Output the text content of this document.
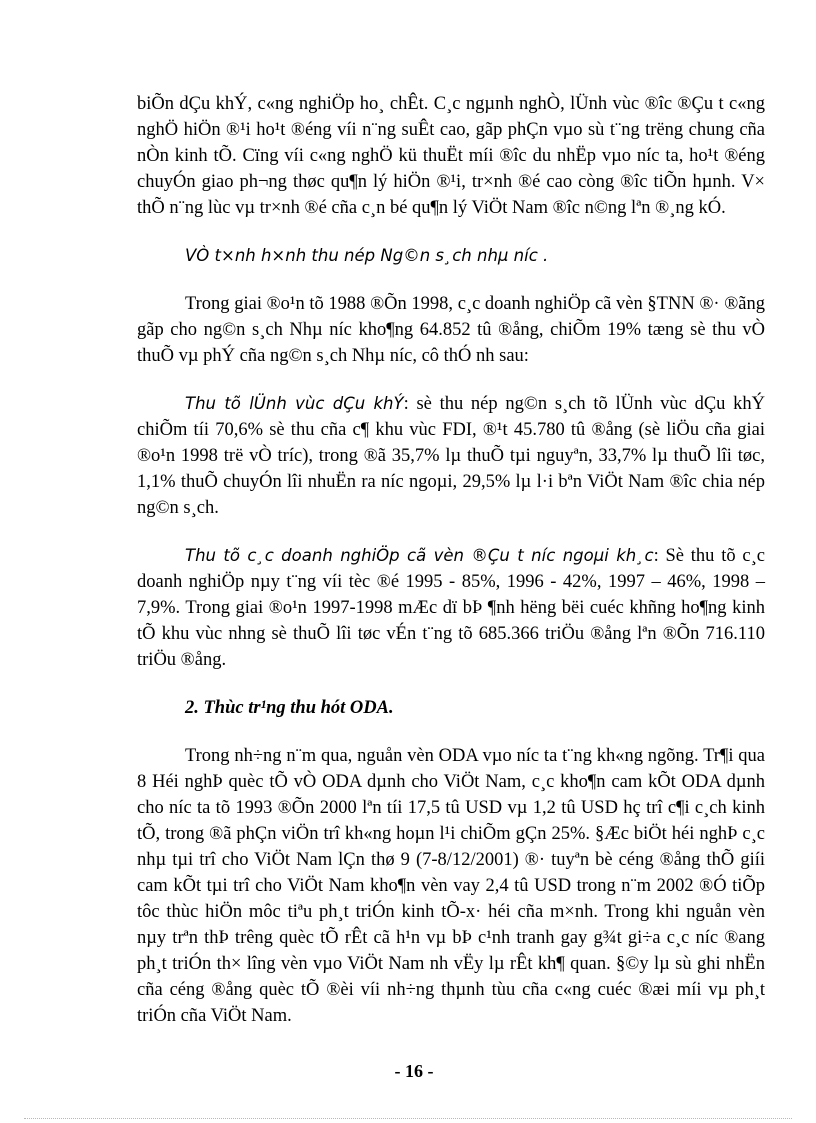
biÕn dÇu khÝ, c«ng nghiÖp ho¸ chÊt. C¸c ngµnh nghÒ, lÜnh vùc ®îc ®Çu t c«ng nghÖ hiÖn ®¹i ho¹t ®éng víi n¨ng suÊt cao, gãp phÇn vµo sù t¨ng trëng chung cña nÒn kinh tÕ. Cïng víi c«ng nghÖ kü thuËt míi ®îc du nhËp vµo níc ta, ho¹t ®éng chuyÓn giao ph¬ng thøc qu¶n lý hiÖn ®¹i, tr×nh ®é cao còng ®îc tiÕn hµnh. V× thÕ n¨ng lùc vµ tr×nh ®é cña c¸n bé qu¶n lý ViÖt Nam ®îc n©ng lªn ®¸ng kÓ.

VÒ t×nh h×nh thu nép Ng©n s¸ch nhµ níc .

Trong giai ®o¹n tõ 1988 ®Õn 1998, c¸c doanh nghiÖp cã vèn §TNN ®· ®ãng gãp cho ng©n s¸ch Nhµ níc kho¶ng 64.852 tû ®ång, chiÕm 19% tæng sè thu vÒ thuÕ vµ phÝ cña ng©n s¸ch Nhµ níc, cô thÓ nh sau:

Thu tõ lÜnh vùc dÇu khÝ: sè thu nép ng©n s¸ch tõ lÜnh vùc dÇu khÝ chiÕm tíi 70,6% sè thu cña c¶ khu vùc FDI, ®¹t 45.780 tû ®ång (sè liÖu cña giai ®o¹n 1998 trë vÒ tríc), trong ®ã 35,7% lµ thuÕ tµi nguyªn, 33,7% lµ thuÕ lîi tøc, 1,1% thuÕ chuyÓn lîi nhuËn ra níc ngoµi, 29,5% lµ l·i bªn ViÖt Nam ®îc chia nép ng©n s¸ch.

Thu tõ c¸c doanh nghiÖp cã vèn ®Çu t níc ngoµi kh¸c: Sè thu tõ c¸c doanh nghiÖp nµy t¨ng víi tèc ®é 1995 - 85%, 1996 - 42%, 1997 – 46%, 1998 – 7,9%. Trong giai ®o¹n 1997-1998 mÆc dï bÞ ¶nh hëng bëi cuéc khñng ho¶ng kinh tÕ khu vùc nhng sè thuÕ lîi tøc vÉn t¨ng tõ 685.366 triÖu ®ång lªn ®Õn 716.110 triÖu ®ång.

2. Thùc tr¹ng thu hót ODA.

Trong nh÷ng n¨m qua, nguån vèn ODA vµo níc ta t¨ng kh«ng ngõng. Tr¶i qua 8 Héi nghÞ quèc tÕ vÒ ODA dµnh cho ViÖt Nam, c¸c kho¶n cam kÕt ODA dµnh cho níc ta tõ 1993 ®Õn 2000 lªn tíi 17,5 tû USD vµ 1,2 tû USD hç trî c¶i c¸ch kinh tÕ, trong ®ã phÇn viÖn trî kh«ng hoµn l¹i chiÕm gÇn 25%. §Æc biÖt héi nghÞ c¸c nhµ tµi trî cho ViÖt Nam lÇn thø 9 (7-8/12/2001) ®· tuyªn bè céng ®ång thÕ giíi cam kÕt tµi trî cho ViÖt Nam kho¶n vèn vay 2,4 tû USD trong n¨m 2002 ®Ó tiÕp tôc thùc hiÖn môc tiªu ph¸t triÓn kinh tÕ-x· héi cña m×nh. Trong khi nguån vèn nµy trªn thÞ trêng quèc tÕ rÊt cã h¹n vµ bÞ c¹nh tranh gay g¾t gi÷a c¸c níc ®ang ph¸t triÓn th× lîng vèn vµo ViÖt Nam nh vËy lµ rÊt kh¶ quan. §©y lµ sù ghi nhËn cña céng ®ång quèc tÕ ®èi víi nh÷ng thµnh tùu cña c«ng cuéc ®æi míi vµ ph¸t triÓn cña ViÖt Nam.

- 16 -
